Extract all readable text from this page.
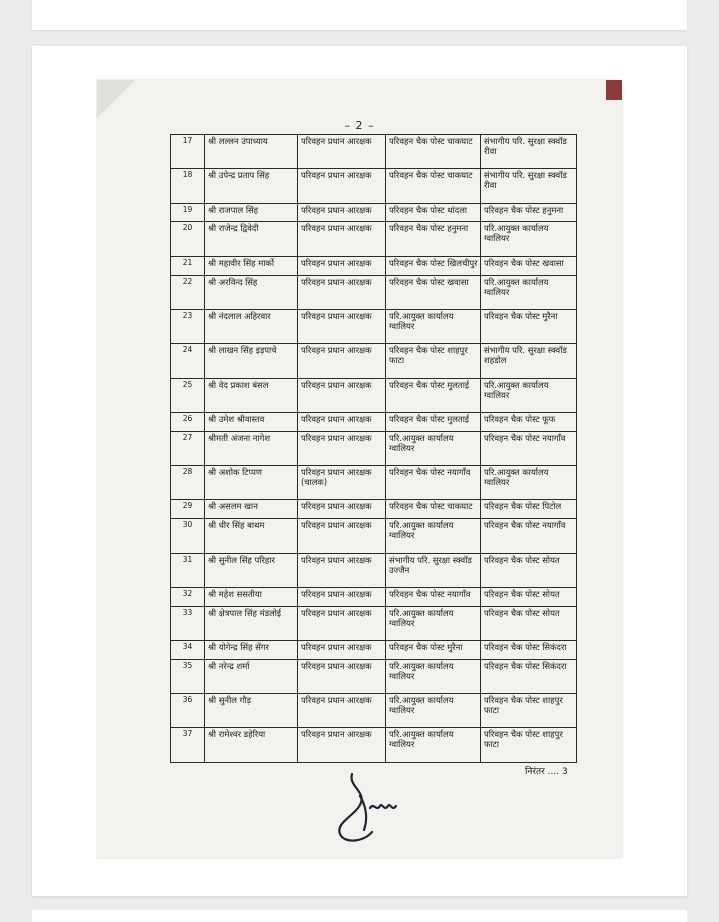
– 2 –
17	श्री लल्लन उपाध्याय	परिवहन प्रधान आरक्षक	परिवहन चैक पोस्ट चाकघाट	संभागीय परि. सुरक्षा स्क्वॉड रीवा
18	श्री उपेन्द्र प्रताप सिंह	परिवहन प्रधान आरक्षक	परिवहन चैक पोस्ट चाकघाट	संभागीय परि. सुरक्षा स्क्वॉड रीवा
19	श्री राजपाल सिंह	परिवहन प्रधान आरक्षक	परिवहन चैक पोस्ट थांदला	परिवहन चैक पोस्ट हनुमना
20	श्री राजेन्द्र द्विवेदी	परिवहन प्रधान आरक्षक	परिवहन चैक पोस्ट हनुमना	परि.आयुक्त कार्यालय ग्वालियर
21	श्री महावीर सिंह मार्को	परिवहन प्रधान आरक्षक	परिवहन चैक पोस्ट खिलचीपुर	परिवहन चैक पोस्ट खवासा
22	श्री अरविन्द सिंह	परिवहन प्रधान आरक्षक	परिवहन चैक पोस्ट खवासा	परि.आयुक्त कार्यालय ग्वालियर
23	श्री नंदलाल अहिरवार	परिवहन प्रधान आरक्षक	परि.आयुक्त कार्यालय ग्वालियर	परिवहन चैक पोस्ट मुरैना
24	श्री लाखन सिंह इड़पाचे	परिवहन प्रधान आरक्षक	परिवहन चैक पोस्ट शाहपुर फाटा	संभागीय परि. सुरक्षा स्क्वॉड शहडोल
25	श्री वेद प्रकाश बंसल	परिवहन प्रधान आरक्षक	परिवहन चैक पोस्ट मुलताई	परि.आयुक्त कार्यालय ग्वालियर
26	श्री उमेश श्रीवास्तव	परिवहन प्रधान आरक्षक	परिवहन चैक पोस्ट मुलताई	परिवहन चैक पोस्ट फूफ
27	श्रीमती अंजना नागेश	परिवहन प्रधान आरक्षक	परि.आयुक्त कार्यालय ग्वालियर	परिवहन चैक पोस्ट नयागाँव
28	श्री अशोक टिप्पण	परिवहन प्रधान आरक्षक (चालक)	परिवहन चैक पोस्ट नयागाँव	परि.आयुक्त कार्यालय ग्वालियर
29	श्री असलम खान	परिवहन प्रधान आरक्षक	परिवहन चैक पोस्ट चाकघाट	परिवहन चैक पोस्ट पिटोल
30	श्री धीर सिंह बाथम	परिवहन प्रधान आरक्षक	परि.आयुक्त कार्यालय ग्वालियर	परिवहन चैक पोस्ट नयागाँव
31	श्री सुनील सिंह परिहार	परिवहन प्रधान आरक्षक	संभागीय परि. सुरक्षा स्क्वॉड उज्जैन	परिवहन चैक पोस्ट सोयत
32	श्री महेश ससतीया	परिवहन प्रधान आरक्षक	परिवहन चैक पोस्ट नयागाँव	परिवहन चैक पोस्ट सोयत
33	श्री क्षेत्रपाल सिंह मंडलोई	परिवहन प्रधान आरक्षक	परि.आयुक्त कार्यालय ग्वालियर	परिवहन चैक पोस्ट सोयत
34	श्री योगेन्द्र सिंह सेंगर	परिवहन प्रधान आरक्षक	परिवहन चैक पोस्ट मुरैना	परिवहन चैक पोस्ट सिकंदरा
35	श्री नरेन्द्र शर्मा	परिवहन प्रधान आरक्षक	परि.आयुक्त कार्यालय ग्वालियर	परिवहन चैक पोस्ट सिकंदरा
36	श्री सुनील गौड़	परिवहन प्रधान आरक्षक	परि.आयुक्त कार्यालय ग्वालियर	परिवहन चैक पोस्ट शाहपुर फाटा
37	श्री रामेश्वर डहेरिया	परिवहन प्रधान आरक्षक	परि.आयुक्त कार्यालय ग्वालियर	परिवहन चैक पोस्ट शाहपुर फाटा
निरंतर .... 3
